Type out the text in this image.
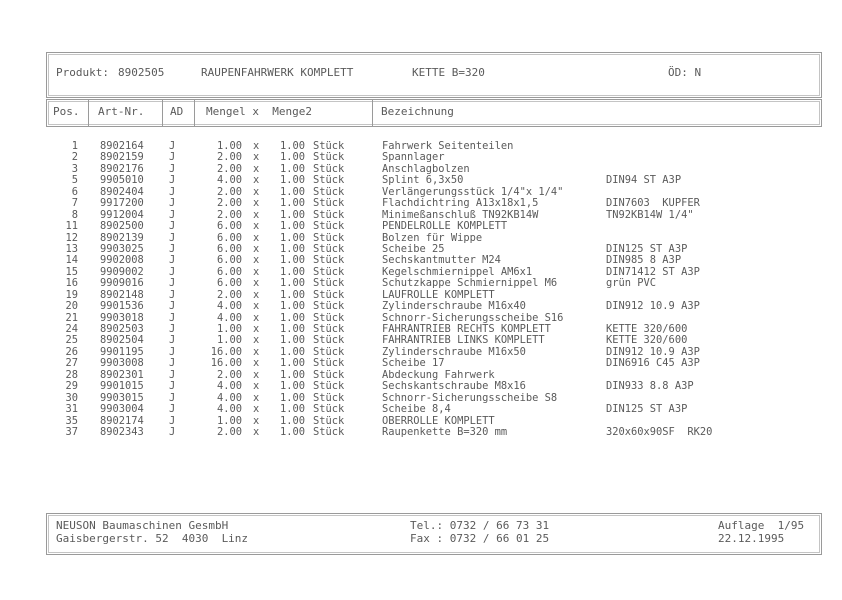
Produkt: 8902505	RAUPENFAHRWERK KOMPLETT	KETTE B=320	ÖD: N
Pos. Art-Nr. AD Mengel x  Menge2	Bezeichnung
1 8902164 J	1.00 x	1.00 Stück	Fahrwerk Seitenteilen
2 8902159 J	2.00 x	1.00 Stück	Spannlager
3 8902176 J	2.00 x	1.00 Stück	Anschlagbolzen
5 9905010 J	4.00 x	1.00 Stück	Splint 6,3x50	DIN94 ST A3P
6 8902404 J	2.00 x	1.00 Stück	Verlängerungsstück 1/4"x 1/4"
7 9917200 J	2.00 x	1.00 Stück	Flachdichtring A13x18x1,5	DIN7603  KUPFER
8 9912004 J	2.00 x	1.00 Stück	Minimeßanschluß TN92KB14W	TN92KB14W 1/4"
11 8902500 J	6.00 x	1.00 Stück	PENDELROLLE KOMPLETT
12 8902139 J	6.00 x	1.00 Stück	Bolzen für Wippe
13 9903025 J	6.00 x	1.00 Stück	Scheibe 25	DIN125 ST A3P
14 9902008 J	6.00 x	1.00 Stück	Sechskantmutter M24	DIN985 8 A3P
15 9909002 J	6.00 x	1.00 Stück	Kegelschmiernippel AM6x1	DIN71412 ST A3P
16 9909016 J	6.00 x	1.00 Stück	Schutzkappe Schmiernippel M6	grün PVC
19 8902148 J	2.00 x	1.00 Stück	LAUFROLLE KOMPLETT
20 9901536 J	4.00 x	1.00 Stück	Zylinderschraube M16x40	DIN912 10.9 A3P
21 9903018 J	4.00 x	1.00 Stück	Schnorr-Sicherungsscheibe S16
24 8902503 J	1.00 x	1.00 Stück	FAHRANTRIEB RECHTS KOMPLETT	KETTE 320/600
25 8902504 J	1.00 x	1.00 Stück	FAHRANTRIEB LINKS KOMPLETT	KETTE 320/600
26 9901195 J	16.00 x	1.00 Stück	Zylinderschraube M16x50	DIN912 10.9 A3P
27 9903008 J	16.00 x	1.00 Stück	Scheibe 17	DIN6916 C45 A3P
28 8902301 J	2.00 x	1.00 Stück	Abdeckung Fahrwerk
29 9901015 J	4.00 x	1.00 Stück	Sechskantschraube M8x16	DIN933 8.8 A3P
30 9903015 J	4.00 x	1.00 Stück	Schnorr-Sicherungsscheibe S8
31 9903004 J	4.00 x	1.00 Stück	Scheibe 8,4	DIN125 ST A3P
35 8902174 J	1.00 x	1.00 Stück	OBERROLLE KOMPLETT
37 8902343 J	2.00 x	1.00 Stück	Raupenkette B=320 mm	320x60x90SF  RK20
NEUSON Baumaschinen GesmbH
Gaisbergerstr. 52  4030  Linz
Tel.: 0732 / 66 73 31
Fax : 0732 / 66 01 25
Auflage  1/95
22.12.1995
